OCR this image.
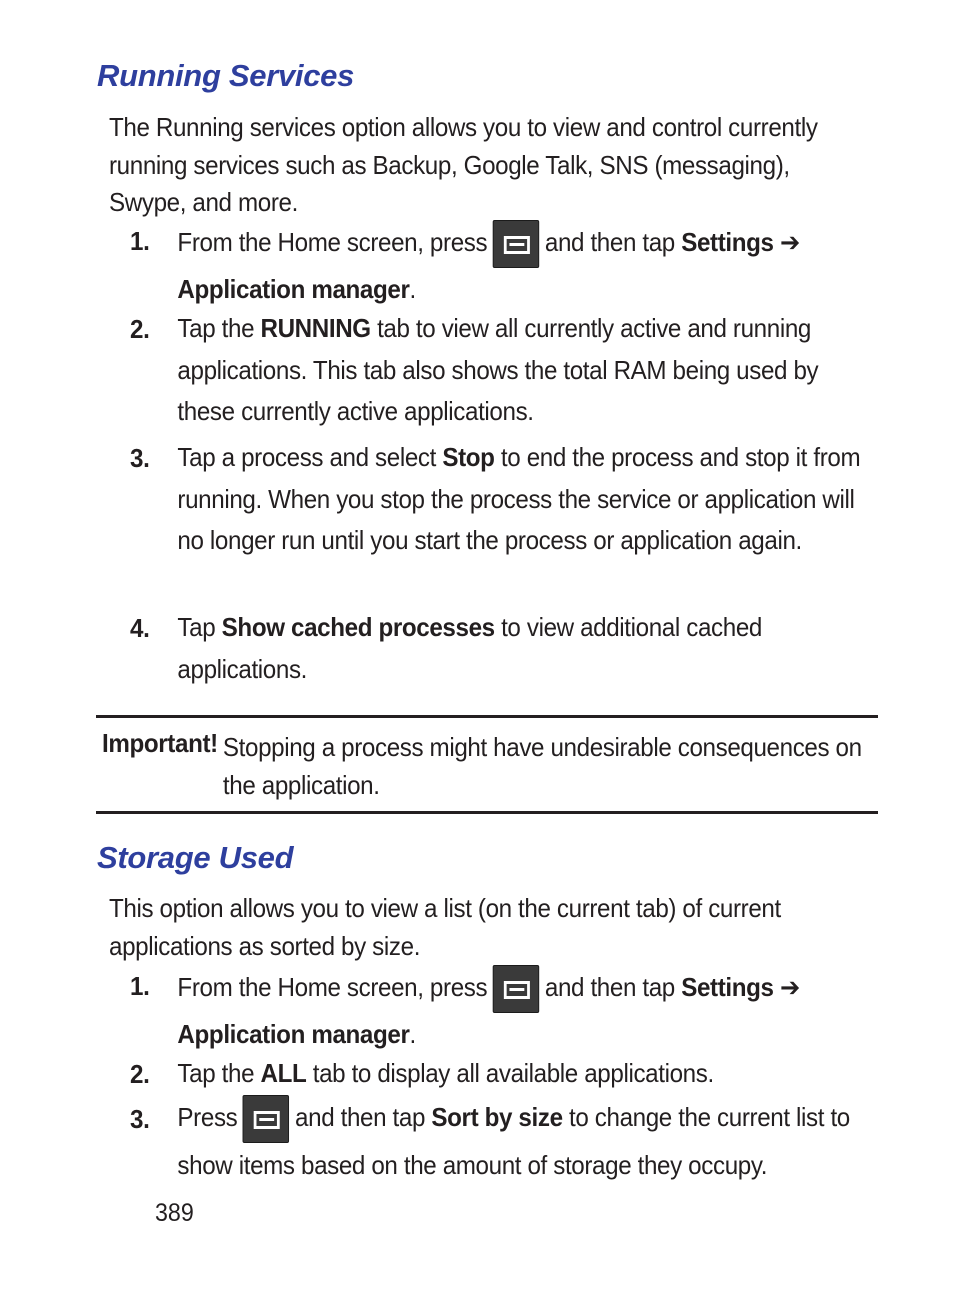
Running Services

The Running services option allows you to view and control currently running services such as Backup, Google Talk, SNS (messaging), Swype, and more.

1. From the Home screen, press and then tap Settings ➔
Application manager.

2. Tap the RUNNING tab to view all currently active and running applications. This tab also shows the total RAM being used by these currently active applications.

3. Tap a process and select Stop to end the process and stop it from running. When you stop the process the service or application will no longer run until you start the process or application again.

4. Tap Show cached processes to view additional cached applications.

Important! Stopping a process might have undesirable consequences on the application.

Storage Used

This option allows you to view a list (on the current tab) of current applications as sorted by size.

1. From the Home screen, press and then tap Settings ➔
Application manager.

2. Tap the ALL tab to display all available applications.

3. Press and then tap Sort by size to change the current list to show items based on the amount of storage they occupy.

389
